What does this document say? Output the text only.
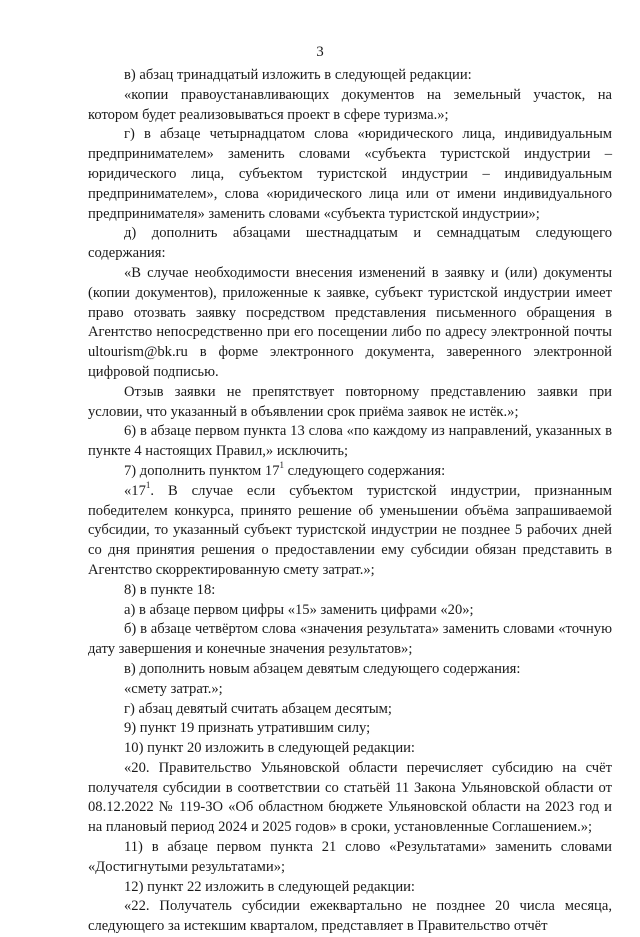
3

в) абзац тринадцатый изложить в следующей редакции:

«копии правоустанавливающих документов на земельный участок, на котором будет реализовываться проект в сфере туризма.»;

г) в абзаце четырнадцатом слова «юридического лица, индивидуальным предпринимателем» заменить словами «субъекта туристской индустрии – юридического лица, субъектом туристской индустрии – индивидуальным предпринимателем», слова «юридического лица или от имени индивидуального предпринимателя» заменить словами «субъекта туристской индустрии»;

д) дополнить абзацами шестнадцатым и семнадцатым следующего содержания:

«В случае необходимости внесения изменений в заявку и (или) документы (копии документов), приложенные к заявке, субъект туристской индустрии имеет право отозвать заявку посредством представления письменного обращения в Агентство непосредственно при его посещении либо по адресу электронной почты ultourism@bk.ru в форме электронного документа, заверенного электронной цифровой подписью.

Отзыв заявки не препятствует повторному представлению заявки при условии, что указанный в объявлении срок приёма заявок не истёк.»;

6) в абзаце первом пункта 13 слова «по каждому из направлений, указанных в пункте 4 настоящих Правил,» исключить;

7) дополнить пунктом $17^1$ следующего содержания:

«$17^1$. В случае если субъектом туристской индустрии, признанным победителем конкурса, принято решение об уменьшении объёма запрашиваемой субсидии, то указанный субъект туристской индустрии не позднее 5 рабочих дней со дня принятия решения о предоставлении ему субсидии обязан представить в Агентство скорректированную смету затрат.»;

8) в пункте 18:

а) в абзаце первом цифры «15» заменить цифрами «20»;

б) в абзаце четвёртом слова «значения результата» заменить словами «точную дату завершения и конечные значения результатов»;

в) дополнить новым абзацем девятым следующего содержания:

«смету затрат.»;

г) абзац девятый считать абзацем десятым;

9) пункт 19 признать утратившим силу;

10) пункт 20 изложить в следующей редакции:

«20. Правительство Ульяновской области перечисляет субсидию на счёт получателя субсидии в соответствии со статьёй 11 Закона Ульяновской области от 08.12.2022 № 119-ЗО «Об областном бюджете Ульяновской области на 2023 год и на плановый период 2024 и 2025 годов» в сроки, установленные Соглашением.»;

11) в абзаце первом пункта 21 слово «Результатами» заменить словами «Достигнутыми результатами»;

12) пункт 22 изложить в следующей редакции:

«22. Получатель субсидии ежеквартально не позднее 20 числа месяца, следующего за истекшим кварталом, представляет в Правительство отчёт
